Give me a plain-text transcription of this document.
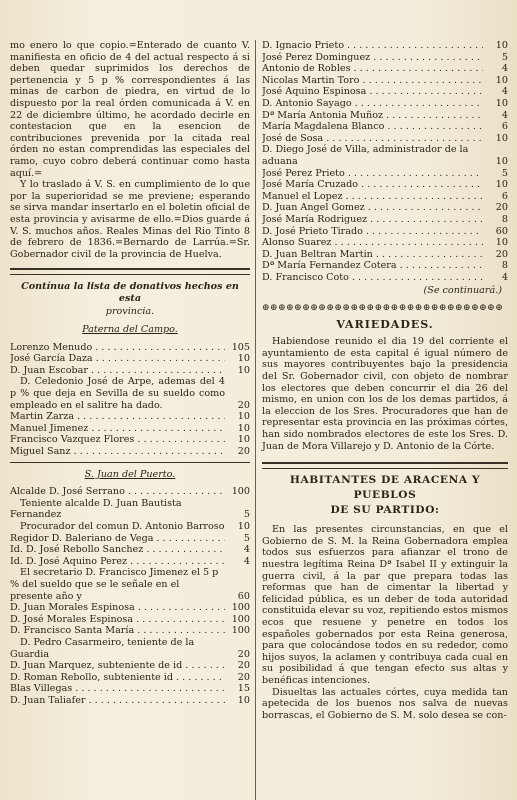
mo enero lo que copio.=Enterado de cuanto V. manifiesta en oficio de 4 del actual respecto á si deben quedar suprimidos los derechos de pertenencia y 5 p % correspondientes á las minas de carbon de piedra, en virtud de lo dispuesto por la real órden comunicada á V. en 22 de diciembre último, he acordado decirle en contestacion que en la esencion de contribuciones prevenida por la citada real órden no estan comprendidas las especiales del ramo, cuyo cobro deberá continuar como hasta aquí.=

Y lo traslado á V. S. en cumplimiento de lo que por la superioridad se me previene; esperando se sirva mandar insertarlo en el boletin oficial de esta provincia y avisarme de ello.=Dios guarde á V. S. muchos años. Reales Minas del Rio Tinto 8 de febrero de 1836.=Bernardo de Larrúa.=Sr. Gobernador civil de la provincia de Huelva.

Contínua la lista de donativos hechos en esta
provincia.
Paterna del Campo.
Lorenzo Menudo . . .	105
José García Daza . . .	10
D. Juan Escobar . . .	10
D. Celedonio José de Arpe, ademas del 4 p % que deja en Sevilla de su sueldo como empleado en el salitre ha dado.	20
Martin Zarza . . .	10
Manuel Jimenez . . .	10
Francisco Vazquez Flores . . .	10
Miguel Sanz . . .	20
S. Juan del Puerto.
Alcalde D. José Serrano . . .	100
Teniente alcalde D. Juan Bautista Fernandez	5
Procurador del comun D. Antonio Barroso	10
Regidor D. Baleriano de Vega . . .	5
Id. D. José Rebollo Sanchez . . .	4
Id. D. José Aquino Perez . . .	4
El secretario D. Francisco Jimenez el 5 p % del sueldo que se le señale en el presente año y	60
D. Juan Morales Espinosa . . .	100
D. José Morales Espinosa . . .	100
D. Francisco Santa María . . .	100
D. Pedro Casarmeiro, teniente de la Guardia	20
D. Juan Marquez, subteniente de id . . .	20
D. Roman Rebollo, subteniente id . . .	20
Blas Villegas . . .	15
D. Juan Taliafer . . .	10
D. Ignacio Prieto . . .	10
José Perez Dominguez . . .	5
Antonio de Robles . . .	4
Nicolas Martin Toro . . .	10
José Aquino Espinosa . . .	4
D. Antonio Sayago . . .	10
Dª María Antonia Muñoz . . .	4
María Magdalena Blanco . . .	6
José de Sosa . . .	10
D. Diego José de Villa, administrador de la aduana	10
José Perez Prieto . . .	5
José María Cruzado . . .	10
Manuel el Lopez . . .	6
D. Juan Angel Gomez . . .	20
José María Rodriguez . . .	8
D. José Prieto Tirado . . .	60
Alonso Suarez . . .	10
D. Juan Beltran Martin . . .	20
Dª María Fernandez Cotera . . .	8
D. Francisco Coto . . .	4
(Se continuará.)
⊕⊕⊕⊕⊕⊕⊕⊕⊕⊕⊕⊕⊕⊕⊕⊕⊕⊕⊕⊕⊕⊕⊕⊕⊕⊕⊕⊕⊕⊕
VARIEDADES.

Habiendose reunido el dia 19 del corriente el ayuntamiento de esta capital é igual número de sus mayores contribuyentes bajo la presidencia del Sr. Gobernador civil, con objeto de nombrar los electores que deben concurrir el dia 26 del mismo, en union con los de los demas partidos, á la eleccion de los Sres. Procuradores que han de representar esta provincia en las próximas córtes, han sido nombrados electores de este los Sres. D. Juan de Mora Villarejo y D. Antonio de la Córte.

HABITANTES DE ARACENA Y PUEBLOS
DE SU PARTIDO:

En las presentes circunstancias, en que el Gobierno de S. M. la Reina Gobernadora emplea todos sus esfuerzos para afianzar el trono de nuestra legítima Reina Dª Isabel II y extinguir la guerra civil, á la par que prepara todas las reformas que han de cimentar la libertad y felicidad pública, es un deber de toda autoridad constituida elevar su voz, repitiendo estos mismos ecos que resuene y penetre en todos los españoles gobernados por esta Reina generosa, para que colocándose todos en su rededor, como hijos suyos, la aclamen y contribuya cada cual en su posibilidad á que tengan efecto sus altas y benéficas intenciones.

Disueltas las actuales córtes, cuya medida tan apetecida de los buenos nos salva de nuevas borrascas, el Gobierno de S. M. solo desea se con-
